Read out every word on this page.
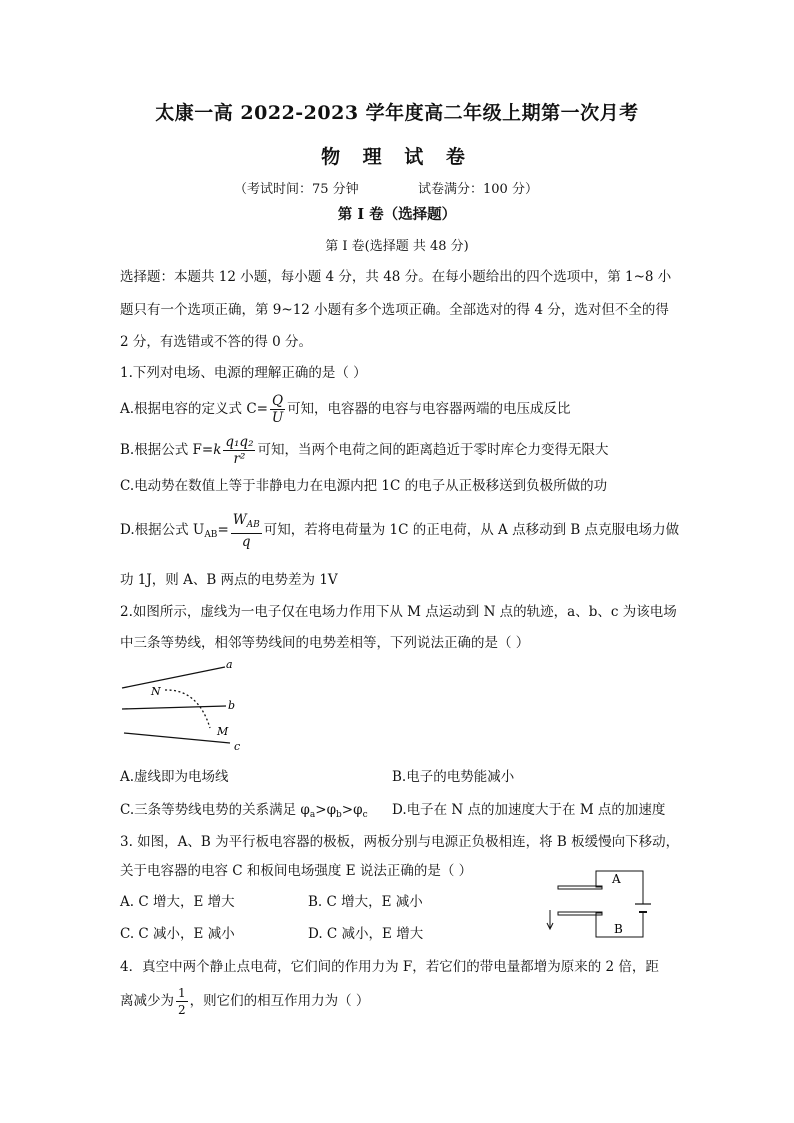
太康一高 2022-2023 学年度高二年级上期第一次月考
物 理 试 卷
（考试时间：75 分钟	试卷满分：100 分）
第 I 卷（选择题）
第 I 卷(选择题 共 48 分)
选择题：本题共 12 小题，每小题 4 分，共 48 分。在每小题给出的四个选项中，第 1~8 小
题只有一个选项正确，第 9~12 小题有多个选项正确。全部选对的得 4 分，选对但不全的得
2 分，有选错或不答的得 0 分。
1.下列对电场、电源的理解正确的是（ ）
A.根据电容的定义式 $C= \frac{Q}{U}$ 可知，电容器的电容与电容器两端的电压成反比
B.根据公式 $F=k \frac{\text{q₁q₂}}{\text{r²}}$ 可知，当两个电荷之间的距离趋近于零时库仑力变得无限大
C.电动势在数值上等于非静电力在电源内把 1C 的电子从正极移送到负极所做的功
D.根据公式 $U_{AB}= \frac{W_{AB}}{q}$ 可知，若将电荷量为 1C 的正电荷，从 A 点移动到 B 点克服电场力做
功 1J，则 A、B 两点的电势差为 1V
2.如图所示，虚线为一电子仅在电场力作用下从 M 点运动到 N 点的轨迹，a、b、c 为该电场
中三条等势线，相邻等势线间的电势差相等，下列说法正确的是（ ）
a
b
c
N
M
A.虚线即为电场线	B.电子的电势能减小
C.三条等势线电势的关系满足 $\varphi_a>\varphi_b>\varphi_c$ D.电子在 N 点的加速度大于在 M 点的加速度
3. 如图，A、B 为平行板电容器的极板，两板分别与电源正负极相连，将 B 板缓慢向下移动，
关于电容器的电容 C 和板间电场强度 E 说法正确的是（ ）
A. C 增大，E 增大	B. C 增大，E 减小
C. C 减小，E 减小	D. C 减小，E 增大
A
B
4．真空中两个静止点电荷，它们间的作用力为 F，若它们的带电量都增为原来的 2 倍，距
离减少为 $\frac{1}{2}$ ，则它们的相互作用力为（ ）
